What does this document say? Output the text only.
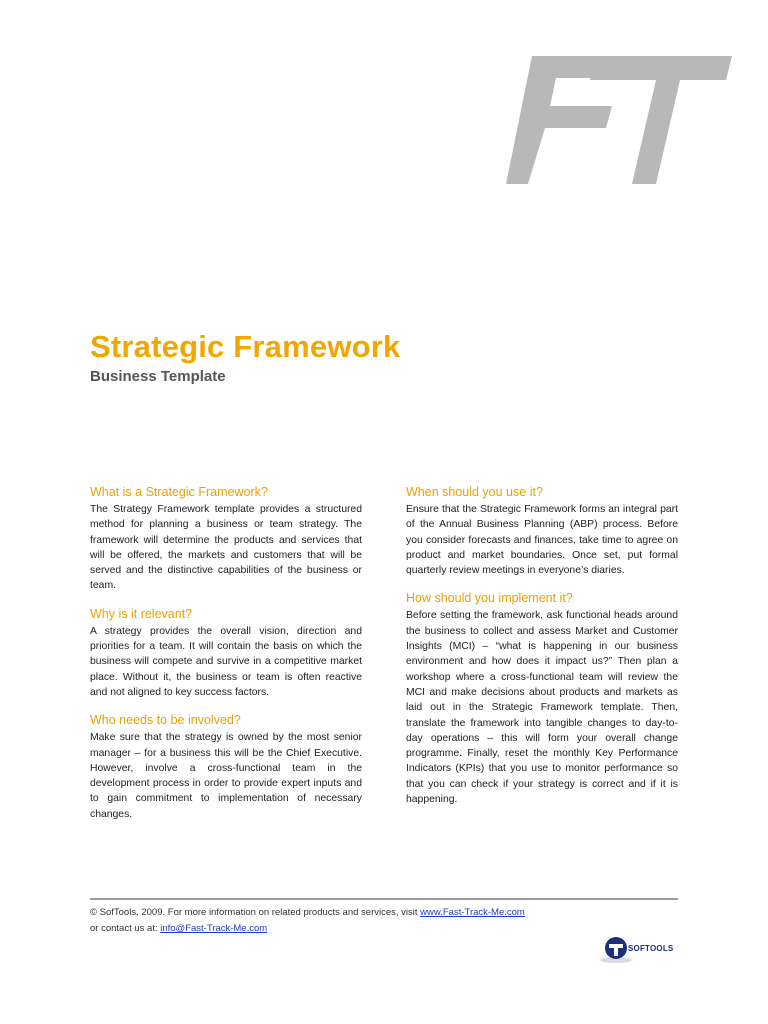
Strategic Framework
Business Template
What is a Strategic Framework?

The Strategy Framework template provides a structured method for planning a business or team strategy. The framework will determine the products and services that will be offered, the markets and customers that will be served and the distinctive capabilities of the business or team.

Why is it relevant?

A strategy provides the overall vision, direction and priorities for a team. It will contain the basis on which the business will compete and survive in a competitive market place. Without it, the business or team is often reactive and not aligned to key success factors.

Who needs to be involved?

Make sure that the strategy is owned by the most senior manager – for a business this will be the Chief Executive. However, involve a cross-functional team in the development process in order to provide expert inputs and to gain commitment to implementation of necessary changes.

When should you use it?

Ensure that the Strategic Framework forms an integral part of the Annual Business Planning (ABP) process. Before you consider forecasts and finances, take time to agree on product and market boundaries. Once set, put formal quarterly review meetings in everyone’s diaries.

How should you implement it?

Before setting the framework, ask functional heads around the business to collect and assess Market and Customer Insights (MCI) – “what is happening in our business environment and how does it impact us?” Then plan a workshop where a cross-functional team will review the MCI and make decisions about products and markets as laid out in the Strategic Framework template. Then, translate the framework into tangible changes to day-to-day operations – this will form your overall change programme. Finally, reset the monthly Key Performance Indicators (KPIs) that you use to monitor performance so that you can check if your strategy is correct and if it is happening.

© SofTools, 2009. For more information on related products and services, visit www.Fast-Track-Me.com
or contact us at: info@Fast-Track-Me.com
SOFTOOLS
